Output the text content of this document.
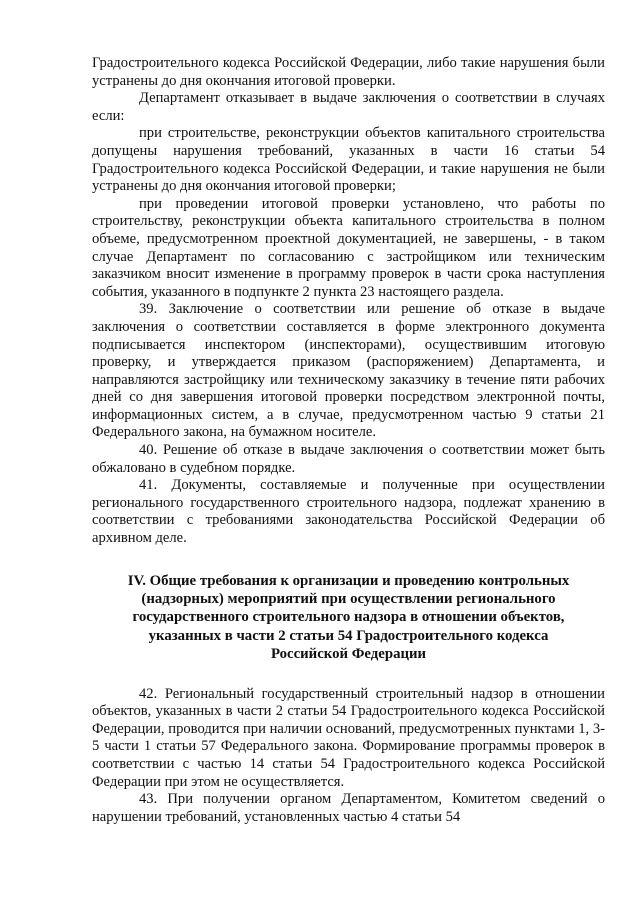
Градостроительного кодекса Российской Федерации, либо такие нарушения были устранены до дня окончания итоговой проверки.

Департамент отказывает в выдаче заключения о соответствии в случаях если:

при строительстве, реконструкции объектов капитального строительства допущены нарушения требований, указанных в части 16 статьи 54 Градостроительного кодекса Российской Федерации, и такие нарушения не были устранены до дня окончания итоговой проверки;

при проведении итоговой проверки установлено, что работы по строительству, реконструкции объекта капитального строительства в полном объеме, предусмотренном проектной документацией, не завершены, - в таком случае Департамент по согласованию с застройщиком или техническим заказчиком вносит изменение в программу проверок в части срока наступления события, указанного в подпункте 2 пункта 23 настоящего раздела.

39. Заключение о соответствии или решение об отказе в выдаче заключения о соответствии составляется в форме электронного документа подписывается инспектором (инспекторами), осуществившим итоговую проверку, и утверждается приказом (распоряжением) Департамента, и направляются застройщику или техническому заказчику в течение пяти рабочих дней со дня завершения итоговой проверки посредством электронной почты, информационных систем, а в случае, предусмотренном частью 9 статьи 21 Федерального закона, на бумажном носителе.

40. Решение об отказе в выдаче заключения о соответствии может быть обжаловано в судебном порядке.

41. Документы, составляемые и полученные при осуществлении регионального государственного строительного надзора, подлежат хранению в соответствии с требованиями законодательства Российской Федерации об архивном деле.

IV. Общие требования к организации и проведению контрольных
(надзорных) мероприятий при осуществлении регионального
государственного строительного надзора в отношении объектов,
указанных в части 2 статьи 54 Градостроительного кодекса
Российской Федерации

42. Региональный государственный строительный надзор в отношении объектов, указанных в части 2 статьи 54 Градостроительного кодекса Российской Федерации, проводится при наличии оснований, предусмотренных пунктами 1, 3-5 части 1 статьи 57 Федерального закона. Формирование программы проверок в соответствии с частью 14 статьи 54 Градостроительного кодекса Российской Федерации при этом не осуществляется.

43. При получении органом Департаментом, Комитетом сведений о нарушении требований, установленных частью 4 статьи 54
